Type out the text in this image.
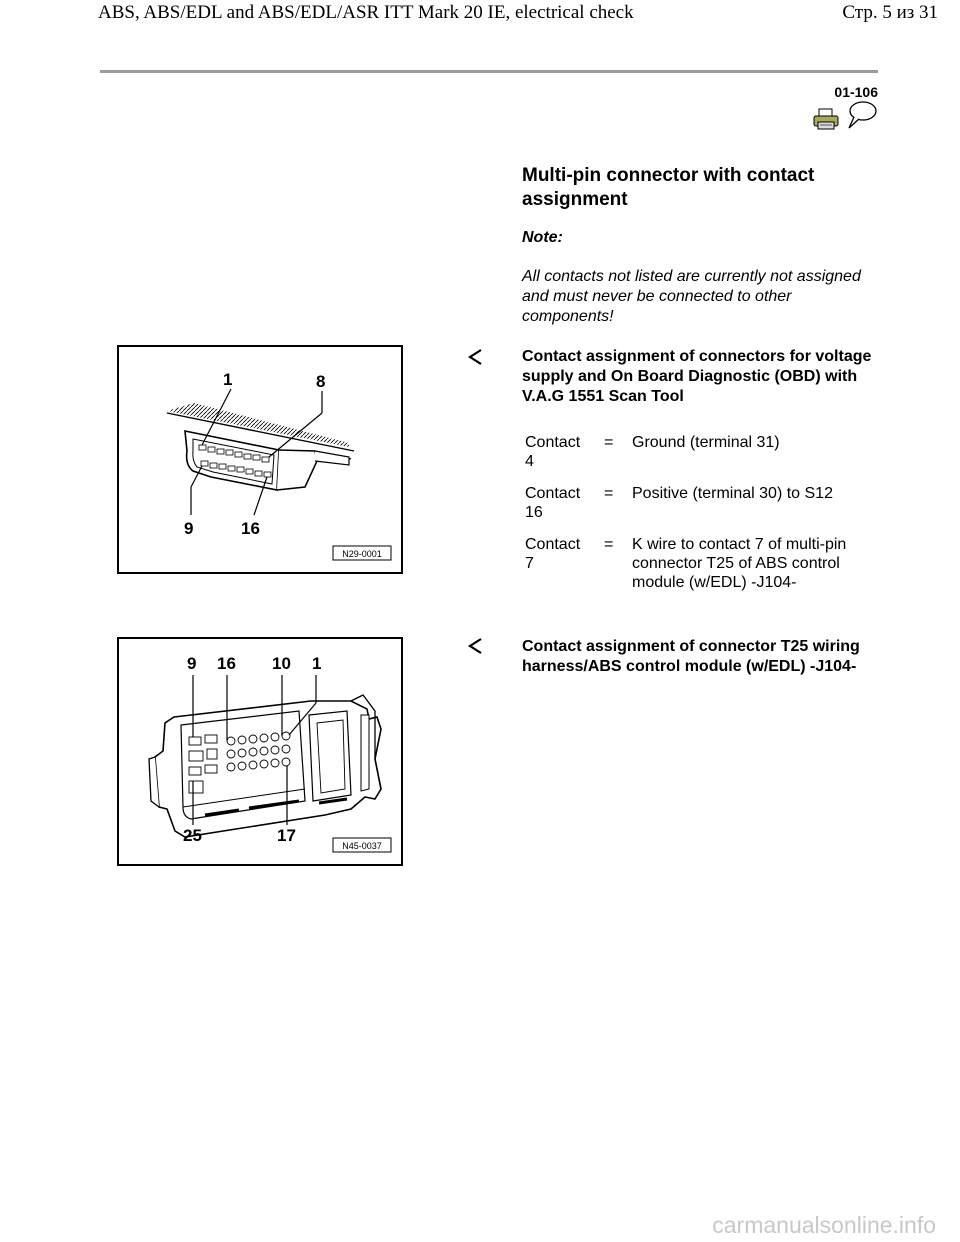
ABS, ABS/EDL and ABS/EDL/ASR ITT Mark 20 IE, electrical check	Стр. 5 из 31
01-106
Multi-pin connector with contact assignment
Note:
All contacts not listed are currently not assigned and must never be connected to other components!
1	8
9	16
N29-0001
Contact assignment of connectors for voltage supply and On Board Diagnostic (OBD) with V.A.G 1551 Scan Tool
Contact 4
= Ground (terminal 31)
Contact 16
= Positive (terminal 30) to S12
Contact 7
= K wire to contact 7 of multi-pin connector T25 of ABS control module (w/EDL) -J104-
9 16 10 1
25	17
N45-0037
Contact assignment of connector T25 wiring harness/ABS control module (w/EDL) -J104-
carmanualsonline.info
